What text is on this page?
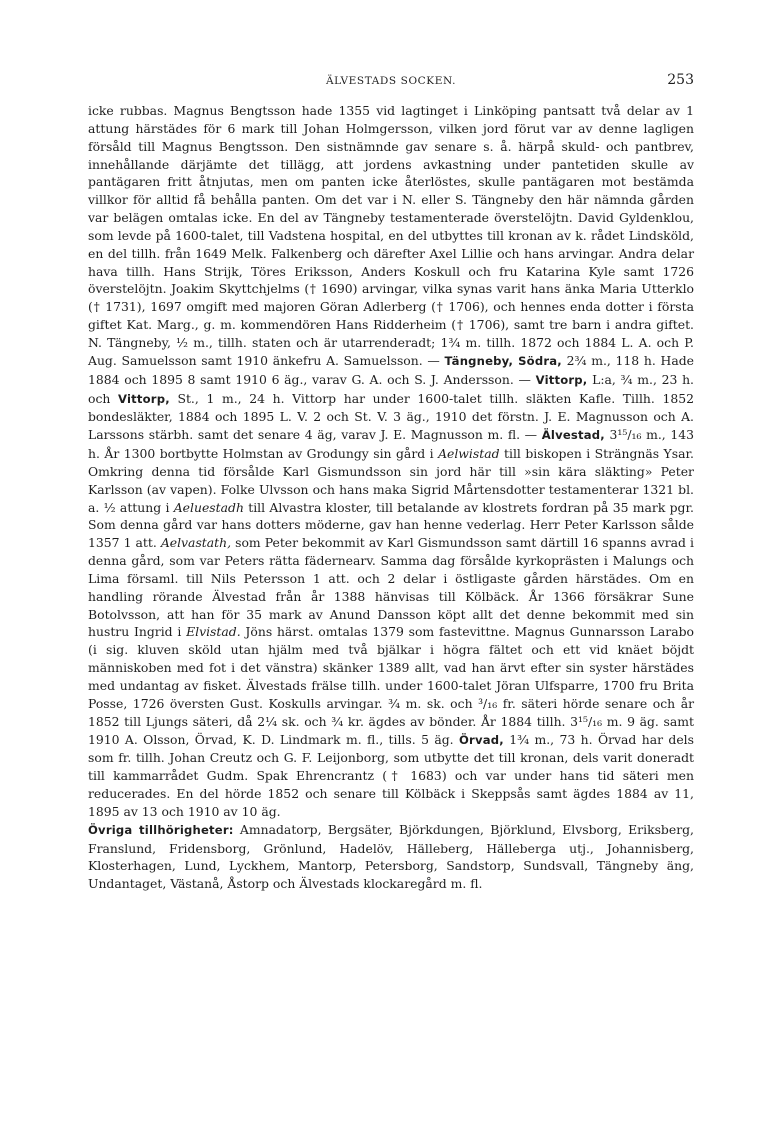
ÄLVESTADS SOCKEN.	253

icke rubbas. Magnus Bengtsson hade 1355 vid lagtinget i Linköping pantsatt två delar av 1 attung härstädes för 6 mark till Johan Holmgersson, vilken jord förut var av denne lagligen försåld till Magnus Bengtsson. Den sistnämnde gav senare s. å. härpå skuld- och pantbrev, innehållande därjämte det tillägg, att jordens avkastning under pantetiden skulle av pantägaren fritt åtnjutas, men om panten icke återlöstes, skulle pantägaren mot bestämda villkor för alltid få behålla panten. Om det var i N. eller S. Tängneby den här nämnda gården var belägen omtalas icke. En del av Tängneby testamenterade överstelöjtn. David Gyldenklou, som levde på 1600-talet, till Vadstena hospital, en del utbyttes till kronan av k. rådet Lindsköld, en del tillh. från 1649 Melk. Falkenberg och därefter Axel Lillie och hans arvingar. Andra delar hava tillh. Hans Strijk, Töres Eriksson, Anders Koskull och fru Katarina Kyle samt 1726 överstelöjtn. Joakim Skyttchjelms († 1690) arvingar, vilka synas varit hans änka Maria Utterklo († 1731), 1697 omgift med majoren Göran Adlerberg († 1706), och hennes enda dotter i första giftet Kat. Marg., g. m. kommendören Hans Ridderheim († 1706), samt tre barn i andra giftet. N. Tängneby, ½ m., tillh. staten och är utarrenderadt; 1¾ m. tillh. 1872 och 1884 L. A. och P. Aug. Samuelsson samt 1910 änkefru A. Samuelsson. — Tängneby, Södra, 2¾ m., 118 h. Hade 1884 och 1895 8 samt 1910 6 äg., varav G. A. och S. J. Andersson. — Vittorp, L:a, ¾ m., 23 h. och Vittorp, St., 1 m., 24 h. Vittorp har under 1600-talet tillh. släkten Kafle. Tillh. 1852 bondesläkter, 1884 och 1895 L. V. 2 och St. V. 3 äg., 1910 det förstn. J. E. Magnusson och A. Larssons stärbh. samt det senare 4 äg, varav J. E. Magnusson m. fl. — Älvestad, 3¹⁵/₁₆ m., 143 h. År 1300 bortbytte Holmstan av Grodungy sin gård i Aelwistad till biskopen i Strängnäs Ysar. Omkring denna tid försålde Karl Gismundsson sin jord här till »sin kära släkting» Peter Karlsson (av vapen). Folke Ulvsson och hans maka Sigrid Mårtensdotter testamenterar 1321 bl. a. ½ attung i Aeluestadh till Alvastra kloster, till betalande av klostrets fordran på 35 mark pgr. Som denna gård var hans dotters möderne, gav han henne vederlag. Herr Peter Karlsson sålde 1357 1 att. Aelvastath, som Peter bekommit av Karl Gismundsson samt därtill 16 spanns avrad i denna gård, som var Peters rätta fädernearv. Samma dag försålde kyrkoprästen i Malungs och Lima församl. till Nils Petersson 1 att. och 2 delar i östligaste gården härstädes. Om en handling rörande Älvestad från år 1388 hänvisas till Kölbäck. År 1366 försäkrar Sune Botolvsson, att han för 35 mark av Anund Dansson köpt allt det denne bekommit med sin hustru Ingrid i Elvistad. Jöns härst. omtalas 1379 som fastevittne. Magnus Gunnarsson Larabo (i sig. kluven sköld utan hjälm med två bjälkar i högra fältet och ett vid knäet böjdt människoben med fot i det vänstra) skänker 1389 allt, vad han ärvt efter sin syster härstädes med undantag av fisket. Älvestads frälse tillh. under 1600-talet Jöran Ulfsparre, 1700 fru Brita Posse, 1726 översten Gust. Koskulls arvingar. ¾ m. sk. och ³/₁₆ fr. säteri hörde senare och år 1852 till Ljungs säteri, då 2¼ sk. och ¾ kr. ägdes av bönder. År 1884 tillh. 3¹⁵/₁₆ m. 9 äg. samt 1910 A. Olsson, Örvad, K. D. Lindmark m. fl., tills. 5 äg. Örvad, 1¾ m., 73 h. Örvad har dels som fr. tillh. Johan Creutz och G. F. Leijonborg, som utbytte det till kronan, dels varit doneradt till kammarrådet Gudm. Spak Ehrencrantz († 1683) och var under hans tid säteri men reducerades. En del hörde 1852 och senare till Kölbäck i Skeppsås samt ägdes 1884 av 11, 1895 av 13 och 1910 av 10 äg.

Övriga tillhörigheter: Amnadatorp, Bergsäter, Björkdungen, Björklund, Elvsborg, Eriksberg, Franslund, Fridensborg, Grönlund, Hadelöv, Hälleberg, Hälleberga utj., Johannisberg, Klosterhagen, Lund, Lyckhem, Mantorp, Petersborg, Sandstorp, Sundsvall, Tängneby äng, Undantaget, Västanå, Åstorp och Älvestads klockaregård m. fl.
